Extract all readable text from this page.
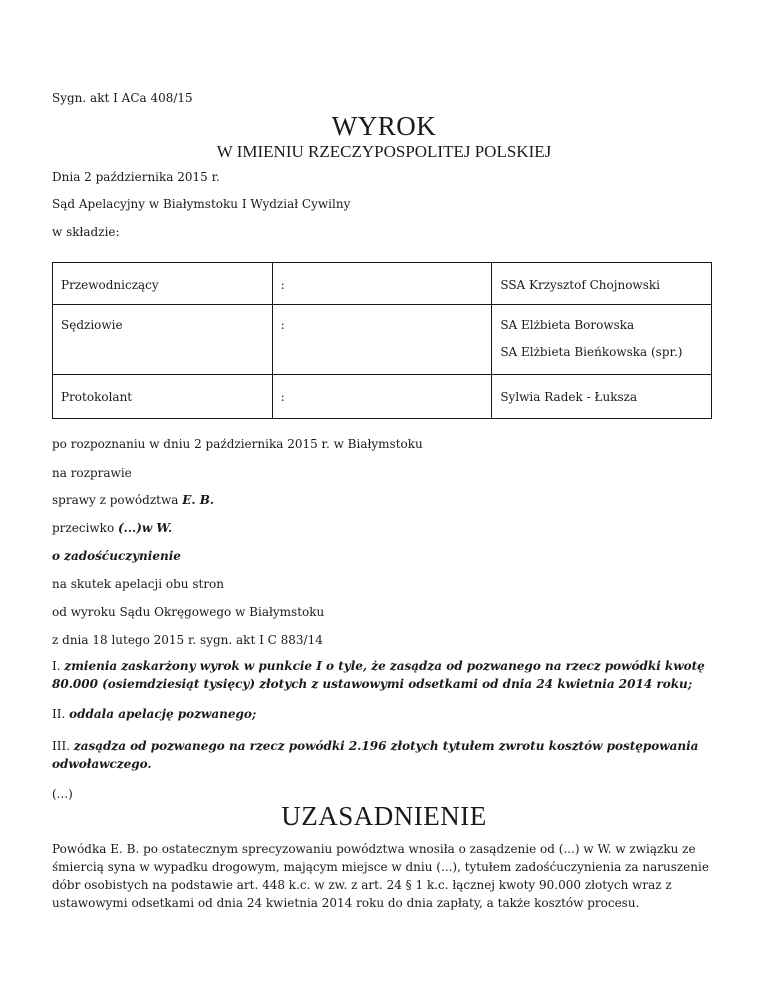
Sygn. akt I ACa 408/15
WYROK
W IMIENIU RZECZYPOSPOLITEJ POLSKIEJ
Dnia 2 października 2015 r.
Sąd Apelacyjny w Białymstoku I Wydział Cywilny
w składzie:
Przewodniczący	:	SSA Krzysztof Chojnowski

Sędziowie	:	SA Elżbieta Borowska
SA Elżbieta Bieńkowska (spr.)

Protokolant	:	Sylwia Radek - Łuksza
po rozpoznaniu w dniu 2 października 2015 r. w Białymstoku
na rozprawie
sprawy z powództwa E. B.
przeciwko (...)w W.
o zadośćuczynienie
na skutek apelacji obu stron
od wyroku Sądu Okręgowego w Białymstoku
z dnia 18 lutego 2015 r. sygn. akt I C 883/14
I. zmienia zaskarżony wyrok w punkcie I o tyle, że zasądza od pozwanego na rzecz powódki kwotę 80.000 (osiemdziesiąt tysięcy) złotych z ustawowymi odsetkami od dnia 24 kwietnia 2014 roku;
II. oddala apelację pozwanego;
III. zasądza od pozwanego na rzecz powódki 2.196 złotych tytułem zwrotu kosztów postępowania odwoławczego.
(...)
UZASADNIENIE
Powódka E. B. po ostatecznym sprecyzowaniu powództwa wnosiła o zasądzenie od (...) w W. w związku ze śmiercią syna w wypadku drogowym, mającym miejsce w dniu (...), tytułem zadośćuczynienia za naruszenie dóbr osobistych na podstawie art. 448 k.c. w zw. z art. 24 § 1 k.c. łącznej kwoty 90.000 złotych wraz z ustawowymi odsetkami od dnia 24 kwietnia 2014 roku do dnia zapłaty, a także kosztów procesu.
